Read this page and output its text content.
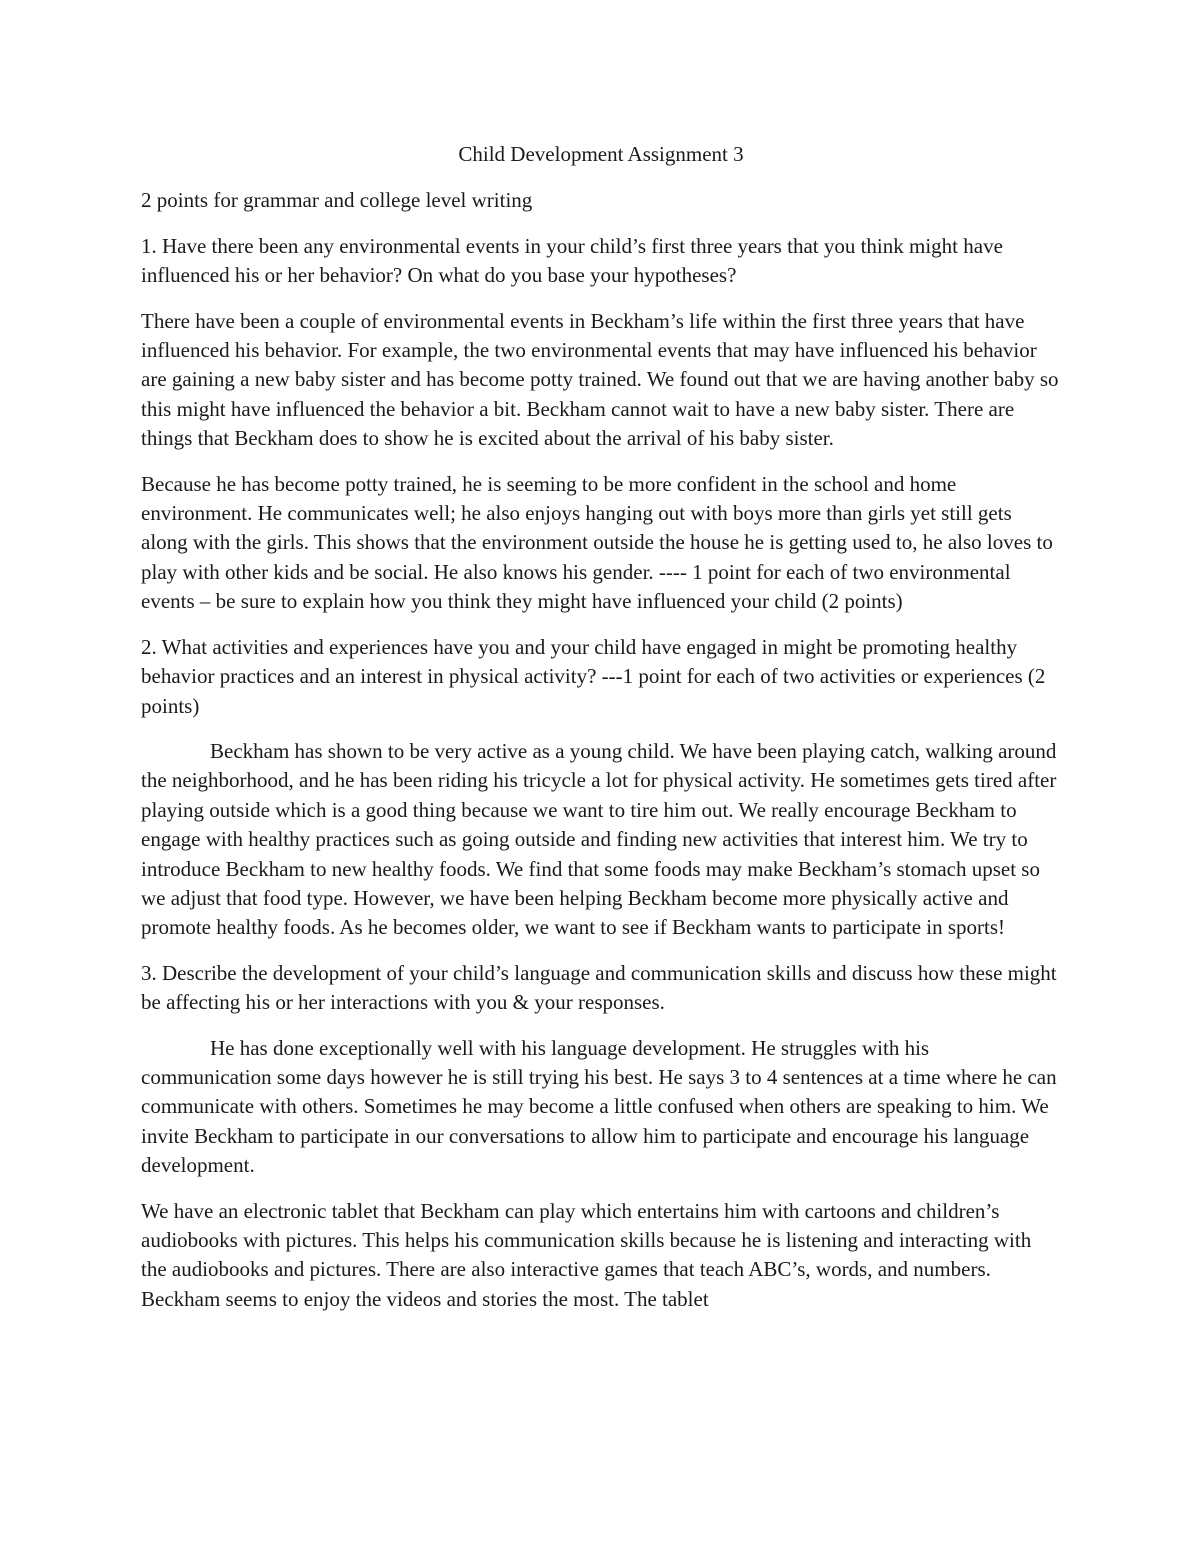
Child Development Assignment 3

2 points for grammar and college level writing

1. Have there been any environmental events in your child’s first three years that you think might have influenced his or her behavior? On what do you base your hypotheses?

There have been a couple of environmental events in Beckham’s life within the first three years that have influenced his behavior. For example, the two environmental events that may have influenced his behavior are gaining a new baby sister and has become potty trained. We found out that we are having another baby so this might have influenced the behavior a bit. Beckham cannot wait to have a new baby sister. There are things that Beckham does to show he is excited about the arrival of his baby sister.

Because he has become potty trained, he is seeming to be more confident in the school and home environment. He communicates well; he also enjoys hanging out with boys more than girls yet still gets along with the girls. This shows that the environment outside the house he is getting used to, he also loves to play with other kids and be social. He also knows his gender. ---- 1 point for each of two environmental events – be sure to explain how you think they might have influenced your child (2 points)

2. What activities and experiences have you and your child have engaged in might be promoting healthy behavior practices and an interest in physical activity? ---1 point for each of two activities or experiences (2 points)

Beckham has shown to be very active as a young child. We have been playing catch, walking around the neighborhood, and he has been riding his tricycle a lot for physical activity. He sometimes gets tired after playing outside which is a good thing because we want to tire him out. We really encourage Beckham to engage with healthy practices such as going outside and finding new activities that interest him. We try to introduce Beckham to new healthy foods. We find that some foods may make Beckham’s stomach upset so we adjust that food type. However, we have been helping Beckham become more physically active and promote healthy foods. As he becomes older, we want to see if Beckham wants to participate in sports!

3. Describe the development of your child’s language and communication skills and discuss how these might be affecting his or her interactions with you & your responses.

He has done exceptionally well with his language development. He struggles with his communication some days however he is still trying his best. He says 3 to 4 sentences at a time where he can communicate with others. Sometimes he may become a little confused when others are speaking to him. We invite Beckham to participate in our conversations to allow him to participate and encourage his language development.

We have an electronic tablet that Beckham can play which entertains him with cartoons and children’s audiobooks with pictures. This helps his communication skills because he is listening and interacting with the audiobooks and pictures. There are also interactive games that teach ABC’s, words, and numbers. Beckham seems to enjoy the videos and stories the most. The tablet
